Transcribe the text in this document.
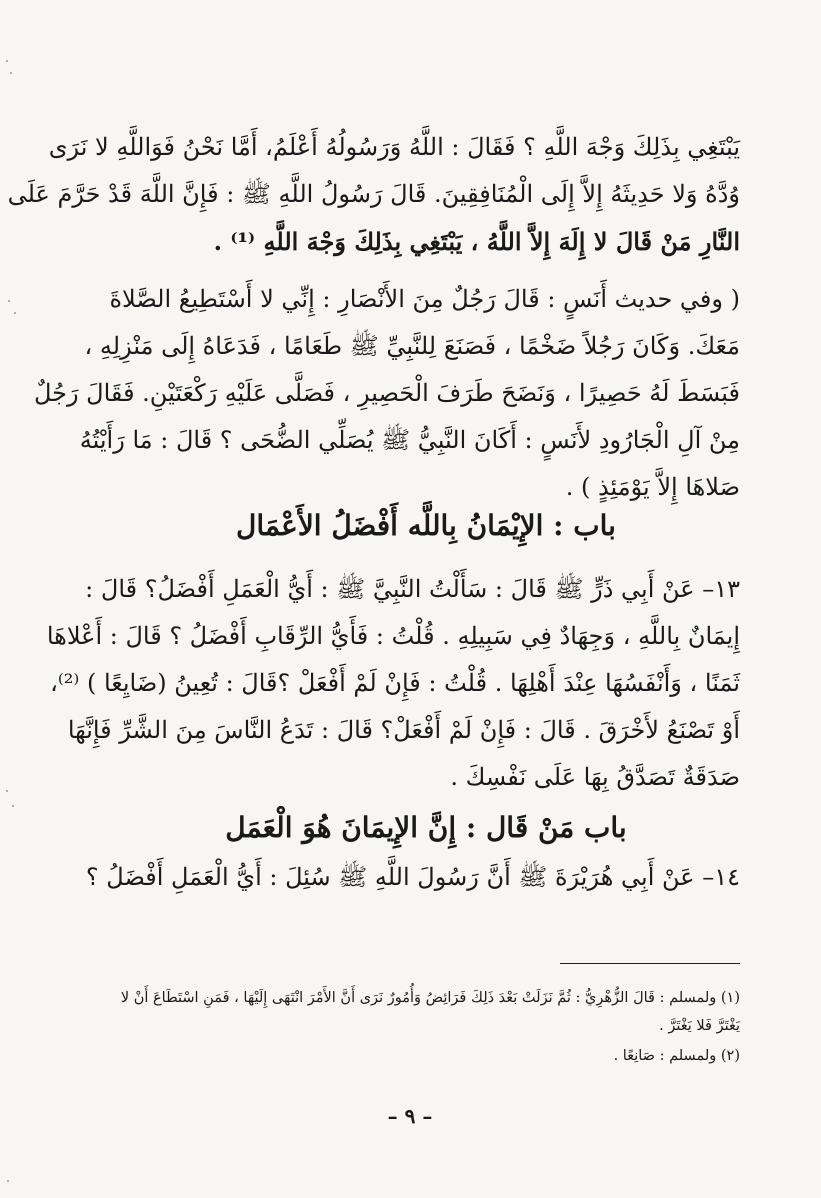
يَبْتَغِي بِذَلِكَ وَجْهَ اللَّهِ ؟ فَقَالَ : اللَّهُ وَرَسُولُهُ أَعْلَمُ، أَمَّا نَحْنُ فَوَاللَّهِ لا نَرَى
وُدَّهُ وَلا حَدِيثَهُ إِلاَّ إِلَى الْمُنَافِقِينَ. قَالَ رَسُولُ اللَّهِ ﷺ : فَإِنَّ اللَّهَ قَدْ حَرَّمَ عَلَى
النَّارِ مَنْ قَالَ لا إِلَهَ إِلاَّ اللَّهُ ، يَبْتَغِي بِذَلِكَ وَجْهَ اللَّهِ ⁽¹⁾ .
( وفي حديث أَنَسٍ : قَالَ رَجُلٌ مِنَ الأَنْصَارِ : إِنِّي لا أَسْتَطِيعُ الصَّلاةَ
مَعَكَ. وَكَانَ رَجُلاً ضَخْمًا ، فَصَنَعَ لِلنَّبِيِّ ﷺ طَعَامًا ، فَدَعَاهُ إِلَى مَنْزِلِهِ ،
فَبَسَطَ لَهُ حَصِيرًا ، وَنَضَحَ طَرَفَ الْحَصِيرِ ، فَصَلَّى عَلَيْهِ رَكْعَتَيْنِ. فَقَالَ رَجُلٌ
مِنْ آلِ الْجَارُودِ لأَنَسٍ : أَكَانَ النَّبِيُّ ﷺ يُصَلِّي الضُّحَى ؟ قَالَ : مَا رَأَيْتُهُ
صَلاهَا إِلاَّ يَوْمَئِذٍ ) .
باب : الإِيْمَانُ بِاللَّه أَفْضَلُ الأَعْمَال
١٣– عَنْ أَبِي ذَرٍّ ﷺ قَالَ : سَأَلْتُ النَّبِيَّ ﷺ : أَيُّ الْعَمَلِ أَفْضَلُ؟ قَالَ :
إِيمَانٌ بِاللَّهِ ، وَجِهَادٌ فِي سَبِيلِهِ . قُلْتُ : فَأَيُّ الرِّقَابِ أَفْضَلُ ؟ قَالَ : أَعْلاهَا
ثَمَنًا ، وَأَنْفَسُهَا عِنْدَ أَهْلِهَا . قُلْتُ : فَإِنْ لَمْ أَفْعَلْ ؟قَالَ : تُعِينُ (ضَايِعًا ) ⁽²⁾،
أَوْ تَصْنَعُ لأَخْرَقَ . قَالَ : فَإِنْ لَمْ أَفْعَلْ؟ قَالَ : تَدَعُ النَّاسَ مِنَ الشَّرِّ فَإِنَّهَا
صَدَقَةٌ تَصَدَّقُ بِهَا عَلَى نَفْسِكَ .
باب مَنْ قَال : إِنَّ الإِيمَانَ هُوَ الْعَمَل
١٤– عَنْ أَبِي هُرَيْرَةَ ﷺ أَنَّ رَسُولَ اللَّهِ ﷺ سُئِلَ : أَيُّ الْعَمَلِ أَفْضَلُ ؟
(١) ولمسلم : قَالَ الزُّهْرِيُّ : ثُمَّ نَزَلَتْ بَعْدَ ذَلِكَ فَرَائِضُ وَأُمُورٌ نَرَى أَنَّ الأَمْرَ انْتَهَى إِلَيْهَا ، فَمَنِ اسْتَطَاعَ أَنْ لا يَغْتَرَّ فَلا يَغْتَرَّ .
(٢) ولمسلم : صَانِعًا .
– ٩ –
